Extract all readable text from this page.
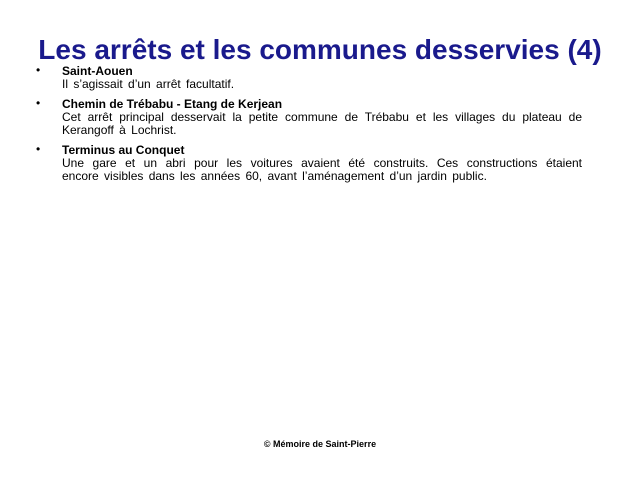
Les arrêts et les communes desservies (4)
•	Saint-Aouen
Il s’agissait d’un arrêt facultatif.
•	Chemin de Trébabu - Etang de Kerjean
Cet arrêt principal desservait la petite commune de Trébabu et les villages du plateau de Kerangoff à Lochrist.
•	Terminus au Conquet
Une gare et un abri pour les voitures avaient été construits. Ces constructions étaient encore visibles dans les années 60, avant l’aménagement d’un jardin public.
© Mémoire de Saint-Pierre
